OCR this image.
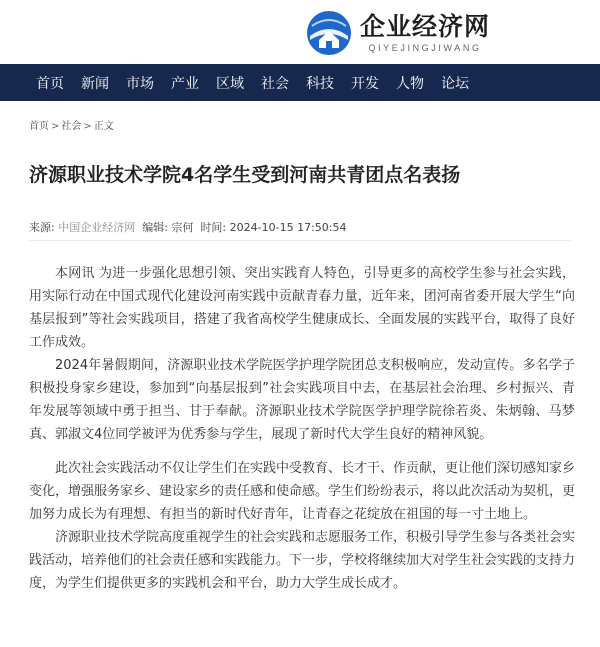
企业经济网
QIYEJINGJIWANG
首页 新闻 市场 产业 区域 社会 科技 开发 人物 论坛
首页 > 社会 > 正文
济源职业技术学院4名学生受到河南共青团点名表扬
来源: 中国企业经济网 编辑: 宗何 时间: 2024-10-15 17:50:54

本网讯 为进一步强化思想引领、突出实践育人特色，引导更多的高校学生参与社会实践，用实际行动在中国式现代化建设河南实践中贡献青春力量，近年来，团河南省委开展大学生“向基层报到”等社会实践项目，搭建了我省高校学生健康成长、全面发展的实践平台，取得了良好工作成效。

2024年暑假期间，济源职业技术学院医学护理学院团总支积极响应，发动宣传。多名学子积极投身家乡建设，参加到“向基层报到”社会实践项目中去，在基层社会治理、乡村振兴、青年发展等领域中勇于担当、甘于奉献。济源职业技术学院医学护理学院徐若炎、朱炳翰、马梦真、郭淑文4位同学被评为优秀参与学生，展现了新时代大学生良好的精神风貌。

此次社会实践活动不仅让学生们在实践中受教育、长才干、作贡献，更让他们深切感知家乡变化，增强服务家乡、建设家乡的责任感和使命感。学生们纷纷表示，将以此次活动为契机，更加努力成长为有理想、有担当的新时代好青年，让青春之花绽放在祖国的每一寸土地上。

济源职业技术学院高度重视学生的社会实践和志愿服务工作，积极引导学生参与各类社会实践活动，培养他们的社会责任感和实践能力。下一步，学校将继续加大对学生社会实践的支持力度，为学生们提供更多的实践机会和平台，助力大学生成长成才。
